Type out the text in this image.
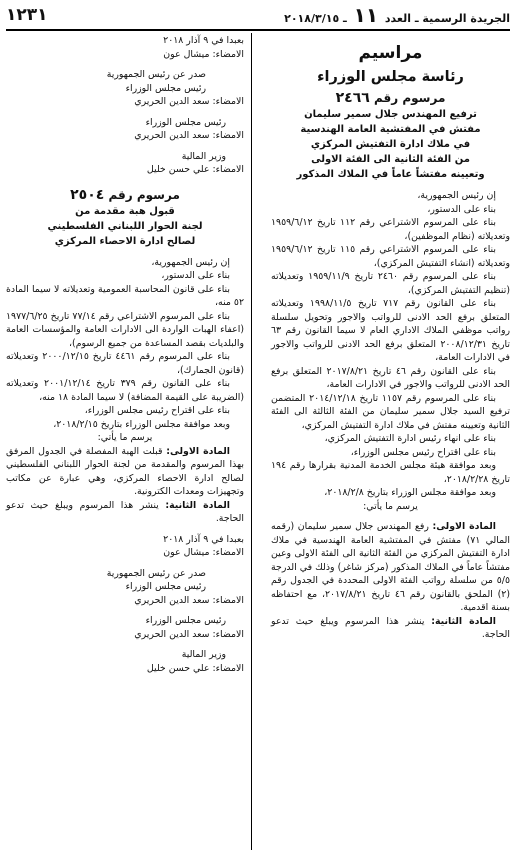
الجريدة الرسمية ـ العدد ١١ ـ ٢٠١٨/٣/١٥
١٢٣١

مراسيم

رئاسة مجلس الوزراء

مرسوم رقم ٢٤٦٦

ترفيع المهندس جلال سمير سليمان

مفتش في المفتشية العامة الهندسية

في ملاك ادارة التفتيش المركزي

من الفئة الثانية الى الفئة الاولى

وتعيينه مفتشاً عاماً في الملاك المذكور

إن رئيس الجمهورية،

بناء على الدستور،

بناء على المرسوم الاشتراعي رقم ١١٢ تاريخ ١٩٥٩/٦/١٢ وتعديلاته (نظام الموظفين)،

بناء على المرسوم الاشتراعي رقم ١١٥ تاريخ ١٩٥٩/٦/١٢ وتعديلاته (انشاء التفتيش المركزي)،

بناء على المرسوم رقم ٢٤٦٠ تاريخ ١٩٥٩/١١/٩ وتعديلاته (تنظيم التفتيش المركزي)،

بناء على القانون رقم ٧١٧ تاريخ ١٩٩٨/١١/٥ وتعديلاته المتعلق برفع الحد الادنى للرواتب والاجور وتحويل سلسلة رواتب موظفي الملاك الاداري العام لا سيما القانون رقم ٦٣ تاريخ ٢٠٠٨/١٢/٣١ المتعلق برفع الحد الادنى للرواتب والاجور في الادارات العامة،

بناء على القانون رقم ٤٦ تاريخ ٢٠١٧/٨/٢١ المتعلق برفع الحد الادنى للرواتب والاجور في الادارات العامة،

بناء على المرسوم رقم ١١٥٧ تاريخ ٢٠١٤/١٢/١٨ المتضمن ترفيع السيد جلال سمير سليمان من الفئة الثالثة الى الفئة الثانية وتعيينه مفتش في ملاك ادارة التفتيش المركزي،

بناء على انهاء رئيس ادارة التفتيش المركزي،

بناء على اقتراح رئيس مجلس الوزراء،

وبعد موافقة هيئة مجلس الخدمة المدنية بقرارها رقم ١٩٤ تاريخ ٢٠١٨/٢/٢٨،

وبعد موافقة مجلس الوزراء بتاريخ ٢٠١٨/٢/٨،

يرسم ما يأتي:

المادة الاولى: رفع المهندس جلال سمير سليمان (رقمه المالي ٧١) مفتش في المفتشية العامة الهندسية في ملاك ادارة التفتيش المركزي من الفئة الثانية الى الفئة الاولى وعين مفتشاً عاماً في الملاك المذكور (مركز شاغر) وذلك في الدرجة ٥/٥ من سلسلة رواتب الفئة الاولى المحددة في الجدول رقم (٢) الملحق بالقانون رقم ٤٦ تاريخ ٢٠١٧/٨/٢١، مع احتفاظه بسنة اقدمية.

المادة الثانية: ينشر هذا المرسوم ويبلغ حيث تدعو الحاجة.

بعبدا في ٩ آذار ٢٠١٨

الامضاء: ميشال عون

صدر عن رئيس الجمهورية

رئيس مجلس الوزراء

الامضاء: سعد الدين الحريري

رئيس مجلس الوزراء

الامضاء: سعد الدين الحريري

وزير المالية

الامضاء: علي حسن خليل

مرسوم رقم ٢٥٠٤

قبول هبة مقدمة من

لجنة الحوار اللبناني الفلسطيني

لصالح ادارة الاحصاء المركزي

إن رئيس الجمهورية،

بناء على الدستور،

بناء على قانون المحاسبة العمومية وتعديلاته لا سيما المادة ٥٢ منه،

بناء على المرسوم الاشتراعي رقم ٧٧/١٤ تاريخ ١٩٧٧/٦/٢٥ (اعفاء الهبات الواردة الى الادارات العامة والمؤسسات العامة والبلديات بقصد المساعدة من جميع الرسوم)،

بناء على المرسوم رقم ٤٤٦١ تاريخ ٢٠٠٠/١٢/١٥ وتعديلاته (قانون الجمارك)،

بناء على القانون رقم ٣٧٩ تاريخ ٢٠٠١/١٢/١٤ وتعديلاته (الضريبة على القيمة المضافة) لا سيما المادة ١٨ منه،

بناء على اقتراح رئيس مجلس الوزراء،

وبعد موافقة مجلس الوزراء بتاريخ ٢٠١٨/٢/١٥،

يرسم ما يأتي:

المادة الاولى: قبلت الهبة المفصلة في الجدول المرفق بهذا المرسوم والمقدمة من لجنة الحوار اللبناني الفلسطيني لصالح ادارة الاحصاء المركزي، وهي عبارة عن مكاتب وتجهيزات ومعدات الكترونية.

المادة الثانية: ينشر هذا المرسوم ويبلغ حيث تدعو الحاجة.

بعبدا في ٩ آذار ٢٠١٨

الامضاء: ميشال عون

صدر عن رئيس الجمهورية

رئيس مجلس الوزراء

الامضاء: سعد الدين الحريري

رئيس مجلس الوزراء

الامضاء: سعد الدين الحريري

وزير المالية

الامضاء: علي حسن خليل
